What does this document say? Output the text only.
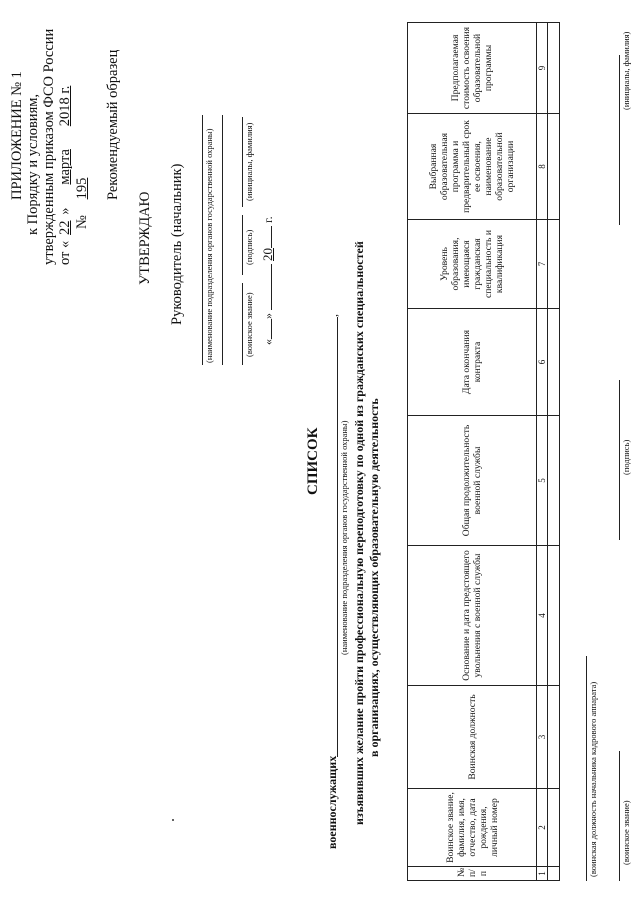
ПРИЛОЖЕНИЕ № 1 к Порядку и условиям, утвержденным приказом ФСО России от «22» марта 2018 г.
№ 195 Рекомендуемый образец
УТВЕРЖДАЮ Руководитель (начальник) (наименование подразделения органов государственной охраны)	(воинское звание)
(подпись)
(инициалы, фамилия)
«»  20 г.
СПИСОК
военнослужащих
,
(наименование подразделения органов государственной охраны) изъявивших желание пройти профессиональную переподготовку по одной из гражданских специальностей в организациях, осуществляющих образовательную деятельность
№ п/п	Воинское звание, фамилия, имя, отчество, дата рождения, личный номер	Воинская должность	Основание и дата предстоящего увольнения с военной службы	Общая продолжительность военной службы	Дата окончания контракта	Уровень образования, имеющаяся гражданская специальность и квалификация	Выбранная образовательная программа и предварительный срок ее освоения, наименование образовательной организации	Предполагаемая стоимость освоения образовательной программы
1	2	3	4	5	6	7	8	9

(воинская должность начальника кадрового аппарата)	(воинское звание)
(подпись)
(инициалы, фамилия)
